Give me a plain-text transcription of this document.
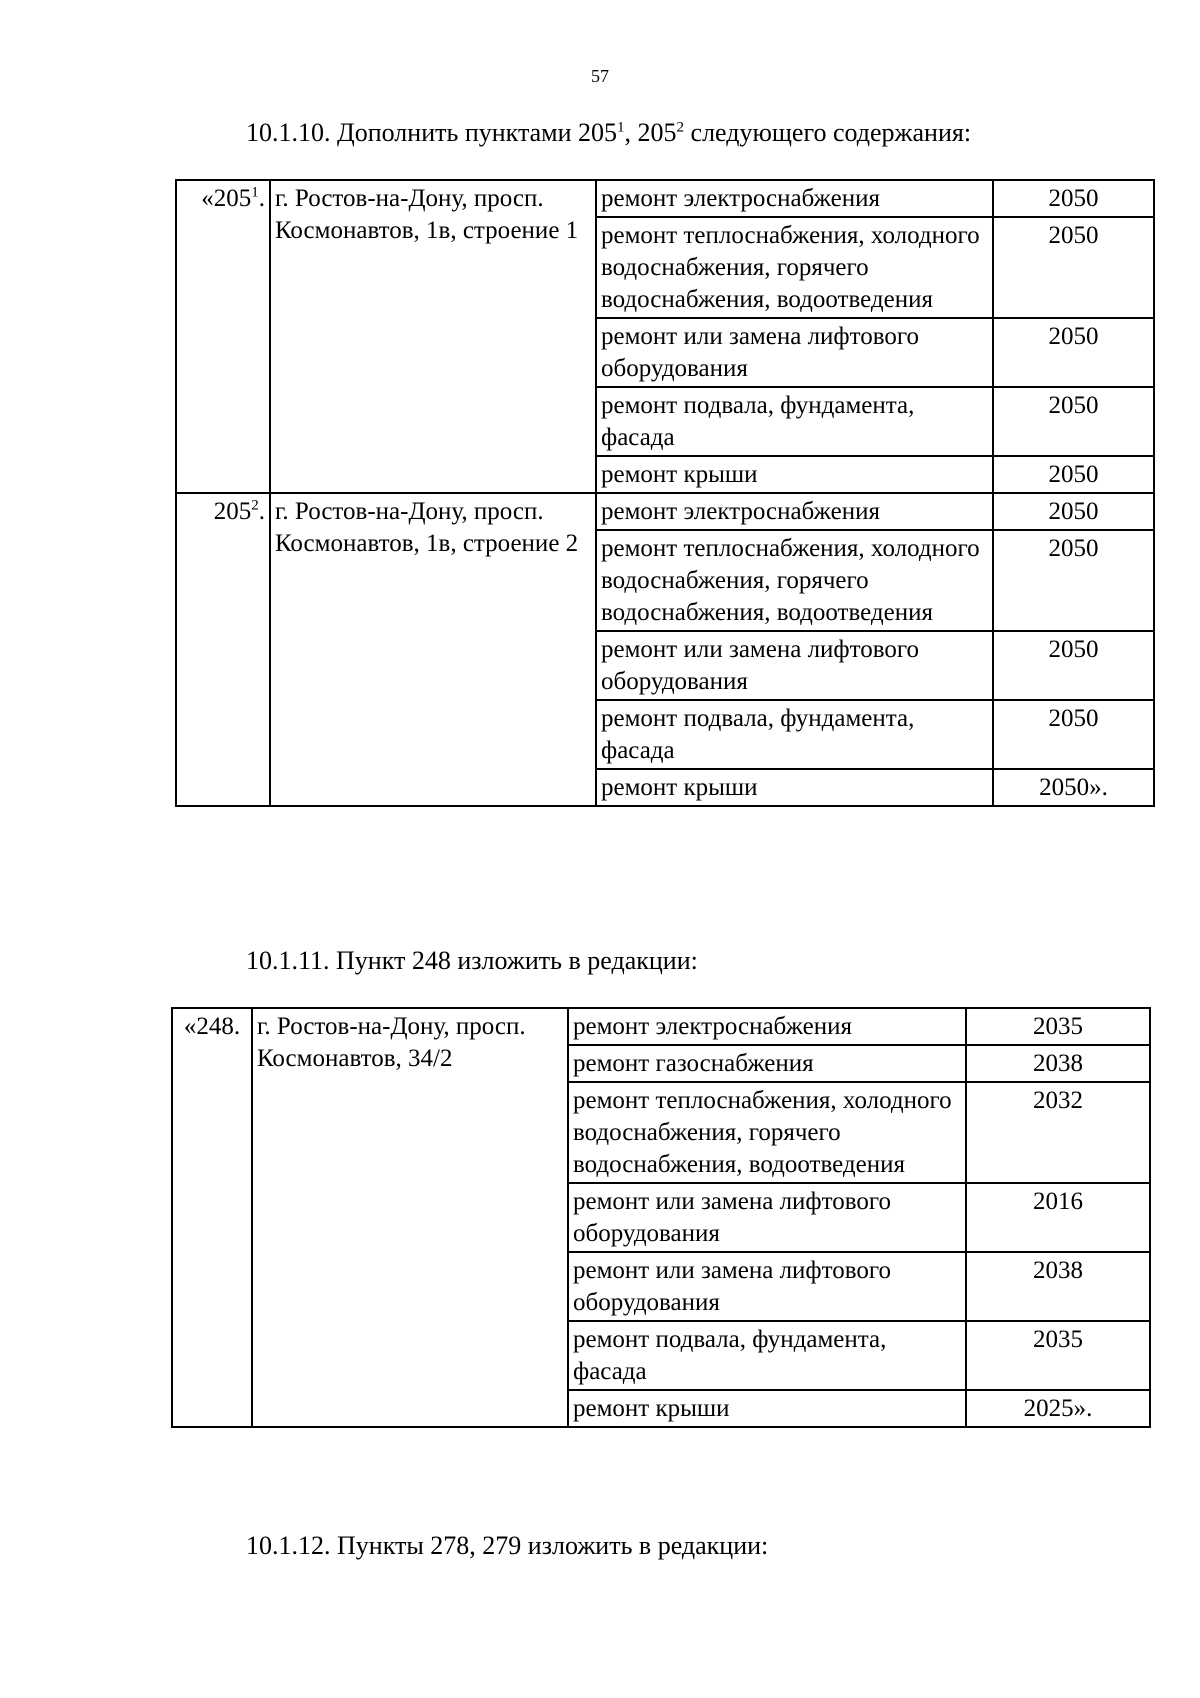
57
10.1.10. Дополнить пунктами $205^1$, $205^2$ следующего содержания:
«$205^1$.	г. Ростов-на-Дону, просп. Космонавтов, 1в, строение 1	ремонт электроснабжения	2050
		ремонт теплоснабжения, холодного водоснабжения, горячего водоснабжения, водоотведения	2050
		ремонт или замена лифтового оборудования	2050
		ремонт подвала, фундамента, фасада	2050
		ремонт крыши	2050
$205^2$.	г. Ростов-на-Дону, просп. Космонавтов, 1в, строение 2	ремонт электроснабжения	2050
		ремонт теплоснабжения, холодного водоснабжения, горячего водоснабжения, водоотведения	2050
		ремонт или замена лифтового оборудования	2050
		ремонт подвала, фундамента, фасада	2050
		ремонт крыши	2050».
10.1.11. Пункт 248 изложить в редакции:
«248.	г. Ростов-на-Дону, просп. Космонавтов, 34/2	ремонт электроснабжения	2035
		ремонт газоснабжения	2038
		ремонт теплоснабжения, холодного водоснабжения, горячего водоснабжения, водоотведения	2032
		ремонт или замена лифтового оборудования	2016
		ремонт или замена лифтового оборудования	2038
		ремонт подвала, фундамента, фасада	2035
		ремонт крыши	2025».
10.1.12. Пункты 278, 279 изложить в редакции:
